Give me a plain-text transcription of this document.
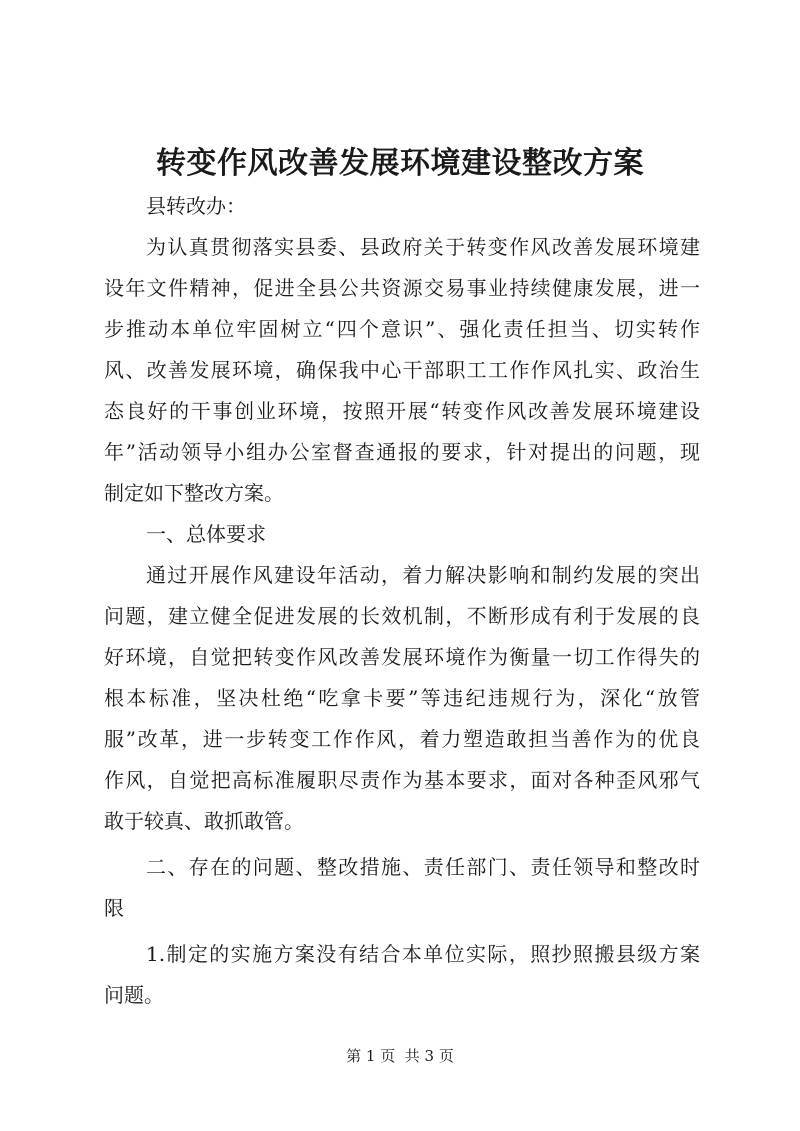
转变作风改善发展环境建设整改方案
县转改办：
为认真贯彻落实县委、县政府关于转变作风改善发展环境建
设年文件精神，促进全县公共资源交易事业持续健康发展，进一
步推动本单位牢固树立“四个意识”、强化责任担当、切实转作
风、改善发展环境，确保我中心干部职工工作作风扎实、政治生
态良好的干事创业环境，按照开展“转变作风改善发展环境建设
年”活动领导小组办公室督查通报的要求，针对提出的问题，现
制定如下整改方案。
一、总体要求
通过开展作风建设年活动，着力解决影响和制约发展的突出
问题，建立健全促进发展的长效机制，不断形成有利于发展的良
好环境，自觉把转变作风改善发展环境作为衡量一切工作得失的
根本标准，坚决杜绝“吃拿卡要”等违纪违规行为，深化“放管
服”改革，进一步转变工作作风，着力塑造敢担当善作为的优良
作风，自觉把高标准履职尽责作为基本要求，面对各种歪风邪气
敢于较真、敢抓敢管。
二、存在的问题、整改措施、责任部门、责任领导和整改时
限
1.制定的实施方案没有结合本单位实际，照抄照搬县级方案
问题。
第 1 页  共 3 页
